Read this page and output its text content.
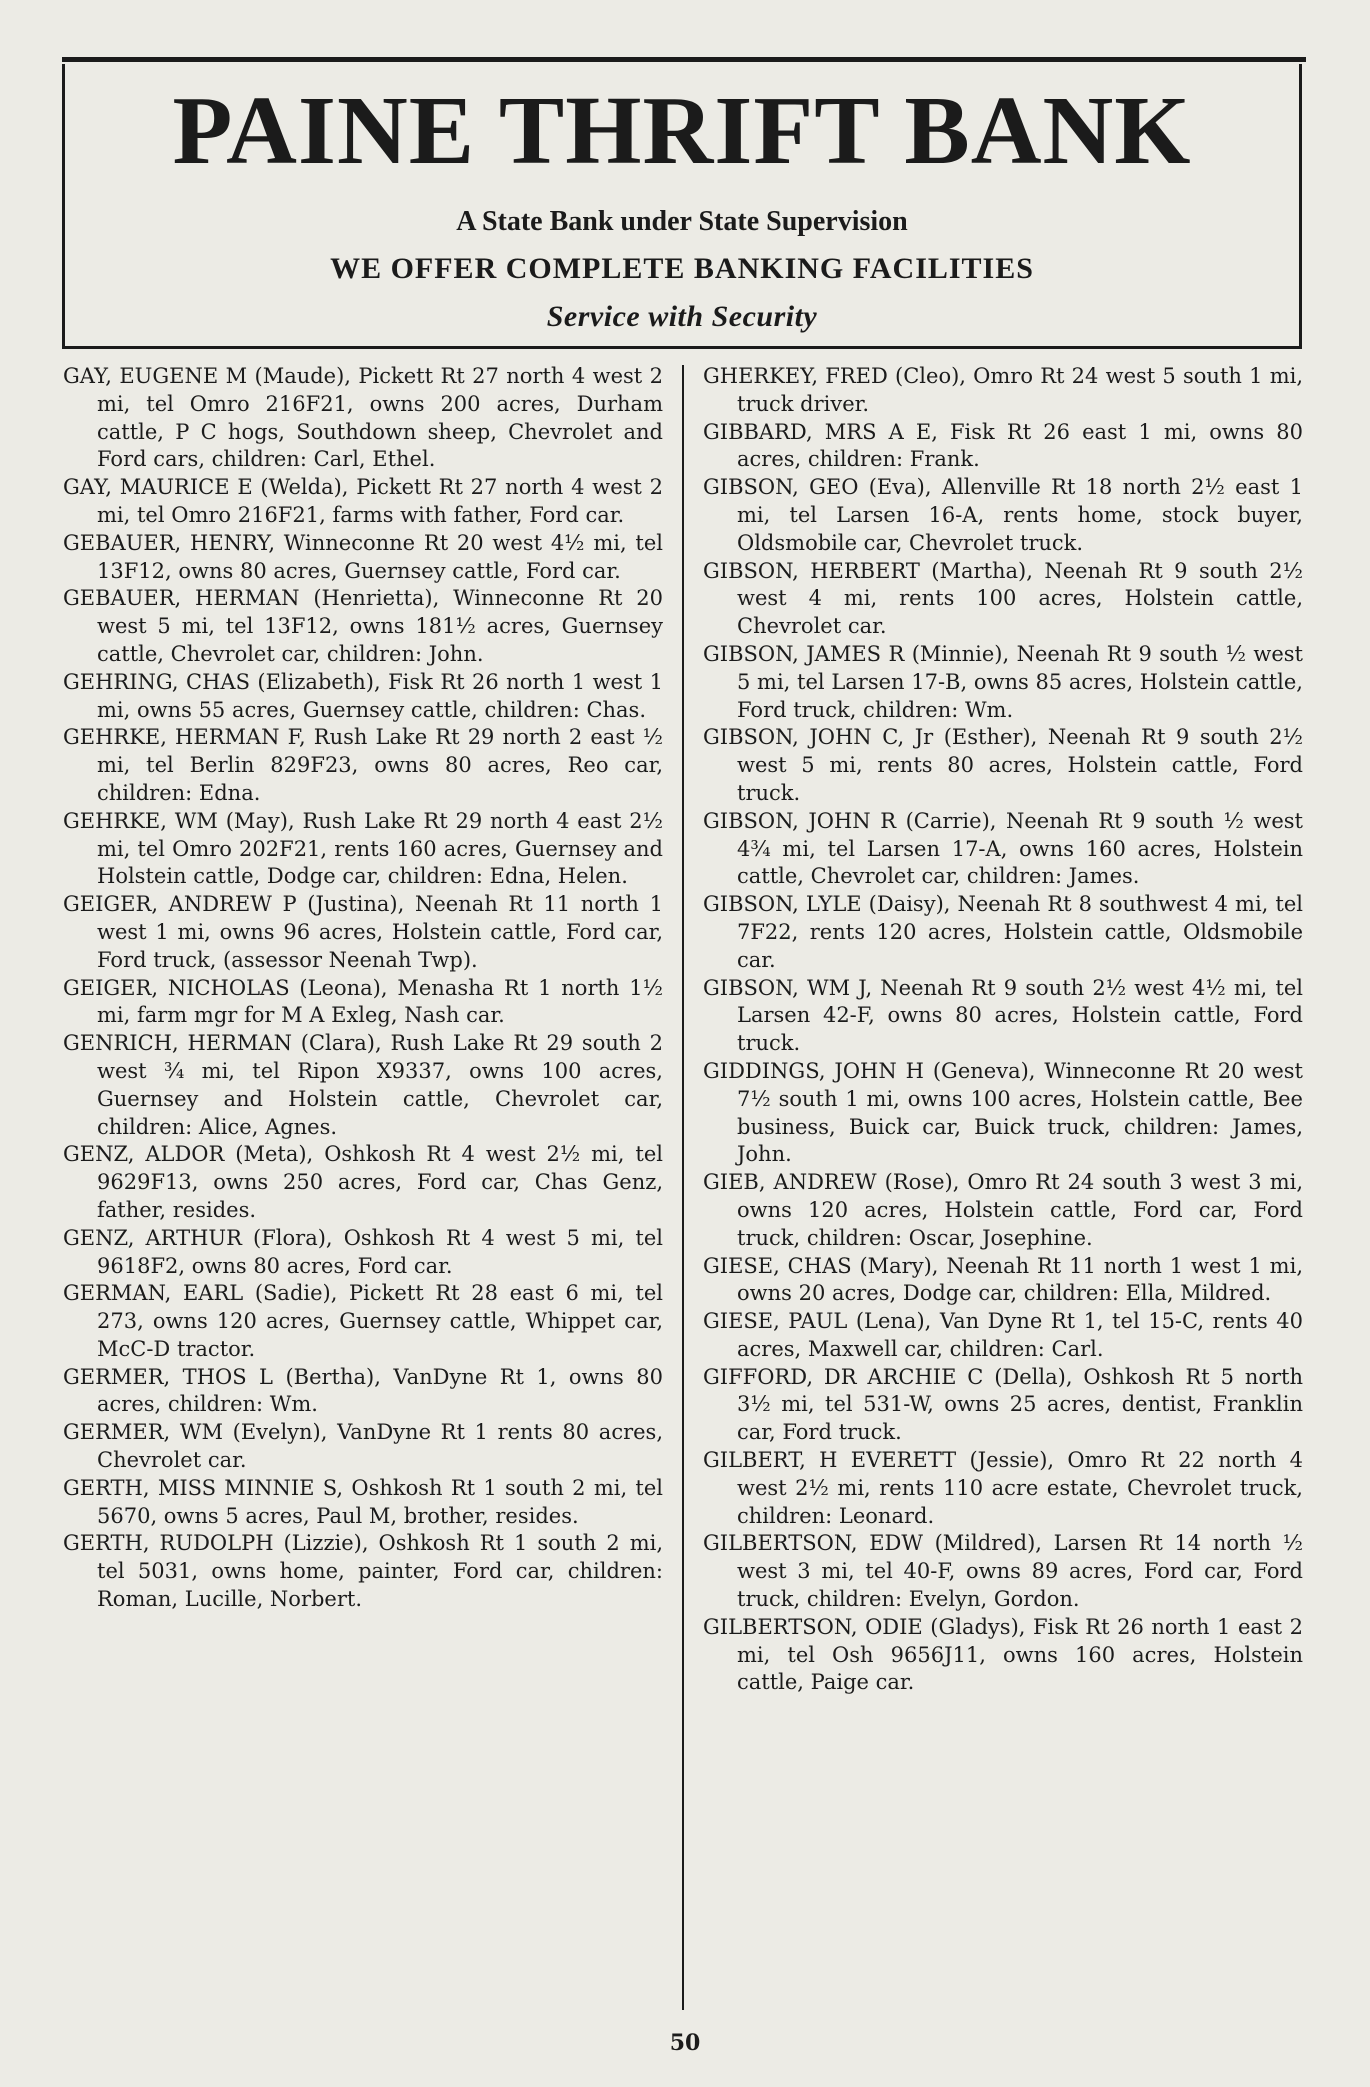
PAINE THRIFT BANK
A State Bank under State Supervision
WE OFFER COMPLETE BANKING FACILITIES
Service with Security

GAY, EUGENE M (Maude), Pickett Rt 27 north 4 west 2 mi, tel Omro 216F21, owns 200 acres, Durham cattle, P C hogs, Southdown sheep, Chevrolet and Ford cars, children: Carl, Ethel.

GAY, MAURICE E (Welda), Pickett Rt 27 north 4 west 2 mi, tel Omro 216F21, farms with father, Ford car.

GEBAUER, HENRY, Winneconne Rt 20 west 4½ mi, tel 13F12, owns 80 acres, Guernsey cattle, Ford car.

GEBAUER, HERMAN (Henrietta), Winneconne Rt 20 west 5 mi, tel 13F12, owns 181½ acres, Guernsey cattle, Chevrolet car, children: John.

GEHRING, CHAS (Elizabeth), Fisk Rt 26 north 1 west 1 mi, owns 55 acres, Guernsey cattle, children: Chas.

GEHRKE, HERMAN F, Rush Lake Rt 29 north 2 east ½ mi, tel Berlin 829F23, owns 80 acres, Reo car, children: Edna.

GEHRKE, WM (May), Rush Lake Rt 29 north 4 east 2½ mi, tel Omro 202F21, rents 160 acres, Guernsey and Holstein cattle, Dodge car, children: Edna, Helen.

GEIGER, ANDREW P (Justina), Neenah Rt 11 north 1 west 1 mi, owns 96 acres, Holstein cattle, Ford car, Ford truck, (assessor Neenah Twp).

GEIGER, NICHOLAS (Leona), Menasha Rt 1 north 1½ mi, farm mgr for M A Exleg, Nash car.

GENRICH, HERMAN (Clara), Rush Lake Rt 29 south 2 west ¾ mi, tel Ripon X9337, owns 100 acres, Guernsey and Holstein cattle, Chevrolet car, children: Alice, Agnes.

GENZ, ALDOR (Meta), Oshkosh Rt 4 west 2½ mi, tel 9629F13, owns 250 acres, Ford car, Chas Genz, father, resides.

GENZ, ARTHUR (Flora), Oshkosh Rt 4 west 5 mi, tel 9618F2, owns 80 acres, Ford car.

GERMAN, EARL (Sadie), Pickett Rt 28 east 6 mi, tel 273, owns 120 acres, Guernsey cattle, Whippet car, McC-D tractor.

GERMER, THOS L (Bertha), VanDyne Rt 1, owns 80 acres, children: Wm.

GERMER, WM (Evelyn), VanDyne Rt 1 rents 80 acres, Chevrolet car.

GERTH, MISS MINNIE S, Oshkosh Rt 1 south 2 mi, tel 5670, owns 5 acres, Paul M, brother, resides.

GERTH, RUDOLPH (Lizzie), Oshkosh Rt 1 south 2 mi, tel 5031, owns home, painter, Ford car, children: Roman, Lucille, Norbert.

GHERKEY, FRED (Cleo), Omro Rt 24 west 5 south 1 mi, truck driver.

GIBBARD, MRS A E, Fisk Rt 26 east 1 mi, owns 80 acres, children: Frank.

GIBSON, GEO (Eva), Allenville Rt 18 north 2½ east 1 mi, tel Larsen 16-A, rents home, stock buyer, Oldsmobile car, Chevrolet truck.

GIBSON, HERBERT (Martha), Neenah Rt 9 south 2½ west 4 mi, rents 100 acres, Holstein cattle, Chevrolet car.

GIBSON, JAMES R (Minnie), Neenah Rt 9 south ½ west 5 mi, tel Larsen 17-B, owns 85 acres, Holstein cattle, Ford truck, children: Wm.

GIBSON, JOHN C, Jr (Esther), Neenah Rt 9 south 2½ west 5 mi, rents 80 acres, Holstein cattle, Ford truck.

GIBSON, JOHN R (Carrie), Neenah Rt 9 south ½ west 4¾ mi, tel Larsen 17-A, owns 160 acres, Holstein cattle, Chevrolet car, children: James.

GIBSON, LYLE (Daisy), Neenah Rt 8 southwest 4 mi, tel 7F22, rents 120 acres, Holstein cattle, Oldsmobile car.

GIBSON, WM J, Neenah Rt 9 south 2½ west 4½ mi, tel Larsen 42-F, owns 80 acres, Holstein cattle, Ford truck.

GIDDINGS, JOHN H (Geneva), Winneconne Rt 20 west 7½ south 1 mi, owns 100 acres, Holstein cattle, Bee business, Buick car, Buick truck, children: James, John.

GIEB, ANDREW (Rose), Omro Rt 24 south 3 west 3 mi, owns 120 acres, Holstein cattle, Ford car, Ford truck, children: Oscar, Josephine.

GIESE, CHAS (Mary), Neenah Rt 11 north 1 west 1 mi, owns 20 acres, Dodge car, children: Ella, Mildred.

GIESE, PAUL (Lena), Van Dyne Rt 1, tel 15-C, rents 40 acres, Maxwell car, children: Carl.

GIFFORD, DR ARCHIE C (Della), Oshkosh Rt 5 north 3½ mi, tel 531-W, owns 25 acres, dentist, Franklin car, Ford truck.

GILBERT, H EVERETT (Jessie), Omro Rt 22 north 4 west 2½ mi, rents 110 acre estate, Chevrolet truck, children: Leonard.

GILBERTSON, EDW (Mildred), Larsen Rt 14 north ½ west 3 mi, tel 40-F, owns 89 acres, Ford car, Ford truck, children: Evelyn, Gordon.

GILBERTSON, ODIE (Gladys), Fisk Rt 26 north 1 east 2 mi, tel Osh 9656J11, owns 160 acres, Holstein cattle, Paige car.

50
